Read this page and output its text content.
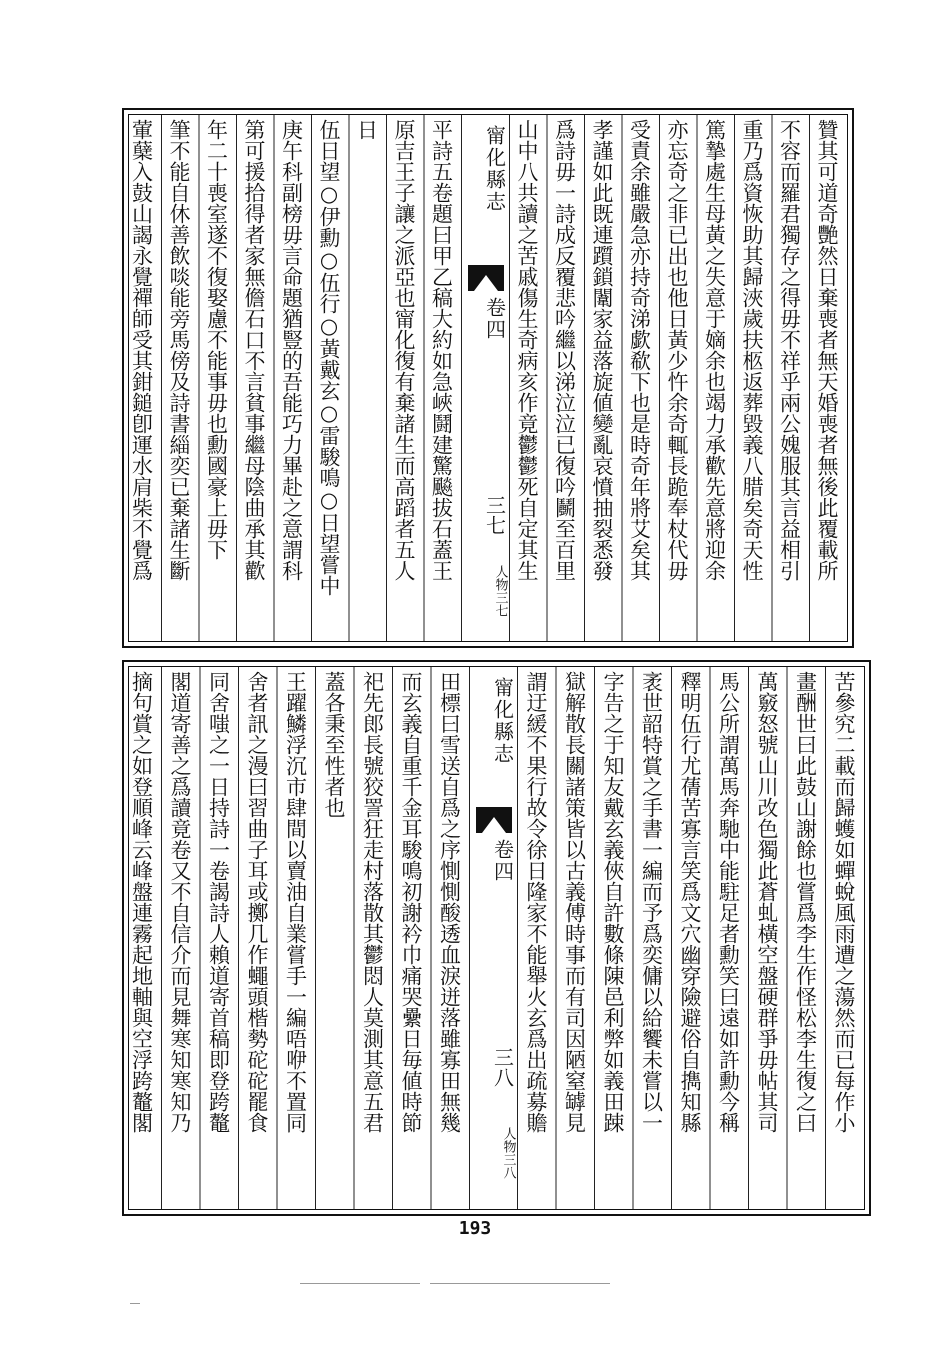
贊其可道奇艷然日棄喪者無天婚喪者無後此覆載所
不容而羅君獨存之得毋不祥乎兩公媿服其言益相引
重乃爲資恢助其歸浹歲扶柩返葬毀義八腊矣奇天性
篤摯處生母黃之失意于嫡余也竭力承歡先意將迎余
亦忘奇之非已出也他日黃少忤余奇輒長跪奉杖代毋
受責余雖嚴急亦持奇涕歔欷下也是時奇年將艾矣其
孝謹如此既連躓鎖闈家益落旋値變亂哀憤抽裂悉發
爲詩毋一詩成反覆悲吟繼以涕泣泣已復吟鬭至百里
山中八共讀之苦戚傷生奇病亥作竟鬱鬱死自定其生
甯化縣志
卷四
三七
人物三七
平詩五卷題曰甲乙稿大約如急峽鬪建驚飈拔石蓋王
原吉王子讓之派亞也甯化復有棄諸生而高蹈者五人
日
伍日望○伊勳○伍行○黃戴玄○雷駿鳴○日望嘗中
庚午科副榜毋言命題猶豎的吾能巧力畢赴之意謂科
第可援拾得者家無儋石口不言貧事繼母陰曲承其歡
年二十喪室遂不復娶慮不能事毋也勳國豪上毋下
筆不能自休善飲啖能旁馬傍及詩書緇奕已棄諸生斷
葷蘖入鼓山謁永覺禪師受其鉗鎚卽運水肩柴不覺爲
苦參究二載而歸蠖如蟬蛻風雨遭之蕩然而已每作小
畫酬世曰此鼓山謝餘也嘗爲李生作怪松李生復之曰
萬竅怒號山川改色獨此蒼虬橫空盤硬群爭毋帖其司
馬公所謂萬馬奔馳中能駐足者勳笑曰遠如許勳今稱
釋明伍行尤蒨苦寡言笑爲文穴幽穿險避俗自擕知縣
袤世韶特賞之手書一編而予爲奕傭以給饗未嘗以一
字告之于知友戴玄義俠自許數條陳邑利弊如義田踈
獄解散長關諸策皆以古義傅時事而有司因陋窒罅見
謂迂緩不果行故令徐日隆家不能舉火玄爲出疏募贍
甯化縣志
卷四
三八
人物三八
田標曰雪送自爲之序惻惻酸透血淚迸落雖寡田無幾
而玄義自重千金耳駿鳴初謝衿巾痛哭纍日毎値時節
祀先郎長號狡詈狂走村落散其鬱悶人莫測其意五君
蓋各秉至性者也
王躍鱗浮沉市肆間以賣油自業嘗手一編唔咿不置同
舍者訊之漫曰習曲子耳或擲几作蠅頭楷勢砣砣罷食
同舍嗤之一日持詩一卷謁詩人賴道寄首稿即登跨鼇
閣道寄善之爲讀竟卷又不自信介而見舞寒知寒知乃
摘句賞之如登順峰云峰盤連霧起地軸與空浮跨鼇閣
193
